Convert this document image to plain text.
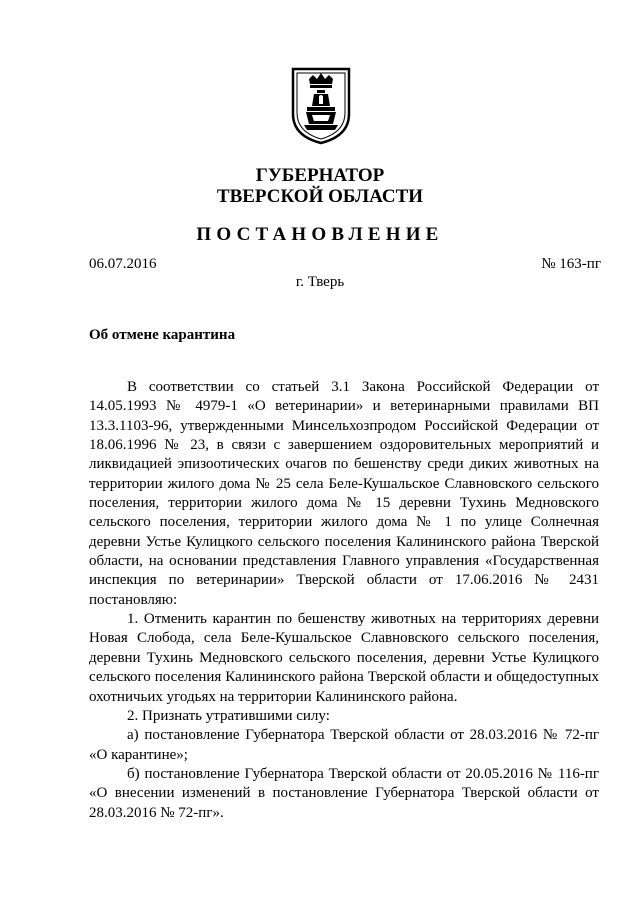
ГУБЕРНАТОР
ТВЕРСКОЙ ОБЛАСТИ
ПОСТАНОВЛЕНИЕ
06.07.2016	№ 163-пг
г. Тверь
Об отмене карантина

В соответствии со статьей 3.1 Закона Российской Федерации от 14.05.1993 № 4979-1 «О ветеринарии» и ветеринарными правилами ВП 13.3.1103-96, утвержденными Минсельхозпродом Российской Федерации от 18.06.1996 № 23, в связи с завершением оздоровительных мероприятий и ликвидацией эпизоотических очагов по бешенству среди диких животных на территории жилого дома № 25 села Беле-Кушальское Славновского сельского поселения, территории жилого дома № 15 деревни Тухинь Медновского сельского поселения, территории жилого дома № 1 по улице Солнечная деревни Устье Кулицкого сельского поселения Калининского района Тверской области, на основании представления Главного управления «Государственная инспекция по ветеринарии» Тверской области от 17.06.2016 № 2431 постановляю:

1. Отменить карантин по бешенству животных на территориях деревни Новая Слобода, села Беле-Кушальское Славновского сельского поселения, деревни Тухинь Медновского сельского поселения, деревни Устье Кулицкого сельского поселения Калининского района Тверской области и общедоступных охотничьих угодьях на территории Калининского района.

2. Признать утратившими силу:

а) постановление Губернатора Тверской области от 28.03.2016 № 72-пг «О карантине»;

б) постановление Губернатора Тверской области от 20.05.2016 № 116-пг «О внесении изменений в постановление Губернатора Тверской области от 28.03.2016 № 72-пг».
